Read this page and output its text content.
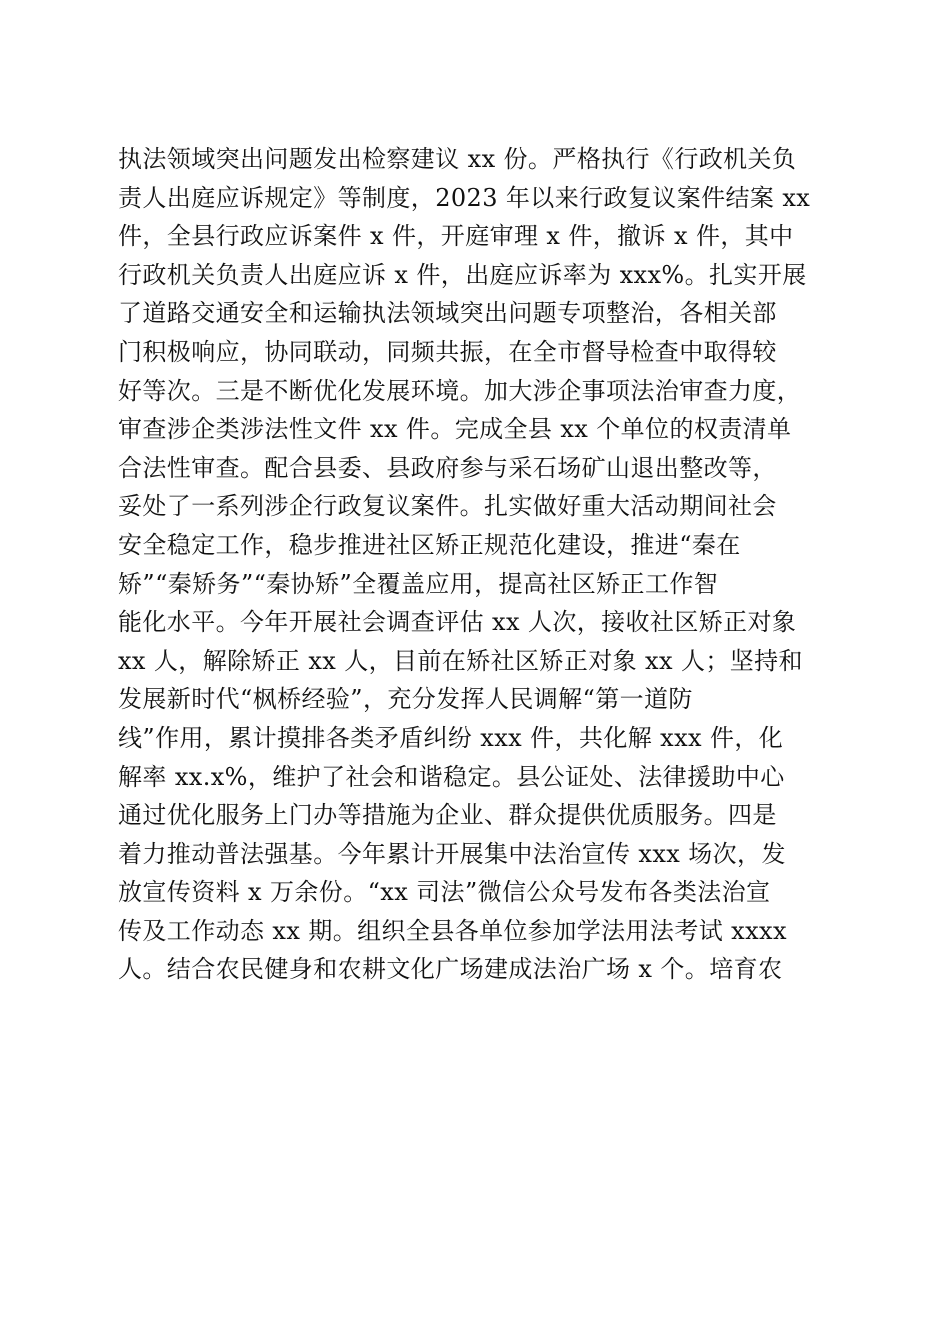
执法领域突出问题发出检察建议 xx 份。严格执行《行政机关负
责人出庭应诉规定》等制度，2023 年以来行政复议案件结案 xx
件，全县行政应诉案件 x 件，开庭审理 x 件，撤诉 x 件，其中
行政机关负责人出庭应诉 x 件，出庭应诉率为 xxx%。扎实开展
了道路交通安全和运输执法领域突出问题专项整治，各相关部
门积极响应，协同联动，同频共振，在全市督导检查中取得较
好等次。三是不断优化发展环境。加大涉企事项法治审查力度，
审查涉企类涉法性文件 xx 件。完成全县 xx 个单位的权责清单
合法性审查。配合县委、县政府参与采石场矿山退出整改等，
妥处了一系列涉企行政复议案件。扎实做好重大活动期间社会
安全稳定工作，稳步推进社区矫正规范化建设，推进“秦在
矫”“秦矫务”“秦协矫”全覆盖应用，提高社区矫正工作智
能化水平。今年开展社会调查评估 xx 人次，接收社区矫正对象
xx 人，解除矫正 xx 人，目前在矫社区矫正对象 xx 人；坚持和
发展新时代“枫桥经验”，充分发挥人民调解“第一道防
线”作用，累计摸排各类矛盾纠纷 xxx 件，共化解 xxx 件，化
解率 xx.x%，维护了社会和谐稳定。县公证处、法律援助中心
通过优化服务上门办等措施为企业、群众提供优质服务。四是
着力推动普法强基。今年累计开展集中法治宣传 xxx 场次，发
放宣传资料 x 万余份。“xx 司法”微信公众号发布各类法治宣
传及工作动态 xx 期。组织全县各单位参加学法用法考试 xxxx
人。结合农民健身和农耕文化广场建成法治广场 x 个。培育农
